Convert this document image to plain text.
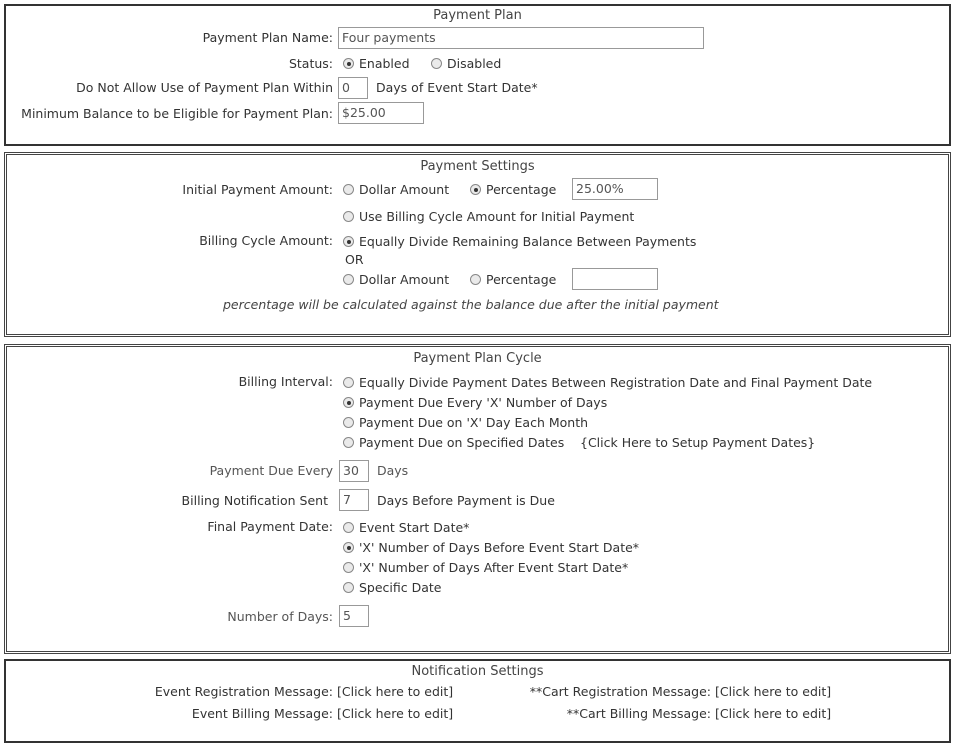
Payment Plan
Payment Plan Name: Four payments
Status:	Enabled	Disabled
Do Not Allow Use of Payment Plan Within 0	Days of Event Start Date*
Minimum Balance to be Eligible for Payment Plan: $25.00
Payment Settings
Initial Payment Amount:	Dollar Amount	Percentage	25.00%
Use Billing Cycle Amount for Initial Payment
Billing Cycle Amount:	Equally Divide Remaining Balance Between Payments
OR
Dollar Amount	Percentage
percentage will be calculated against the balance due after the initial payment
Payment Plan Cycle
Billing Interval:	Equally Divide Payment Dates Between Registration Date and Final Payment Date
Payment Due Every 'X' Number of Days
Payment Due on 'X' Day Each Month
Payment Due on Specified Dates {Click Here to Setup Payment Dates}
Payment Due Every 30	Days
Billing Notification Sent	7	Days Before Payment is Due
Final Payment Date:	Event Start Date*
'X' Number of Days Before Event Start Date*
'X' Number of Days After Event Start Date*
Specific Date
Number of Days: 5
Notification Settings
Event Registration Message: [Click here to edit]	**Cart Registration Message: [Click here to edit]
Event Billing Message: [Click here to edit]	**Cart Billing Message: [Click here to edit]
